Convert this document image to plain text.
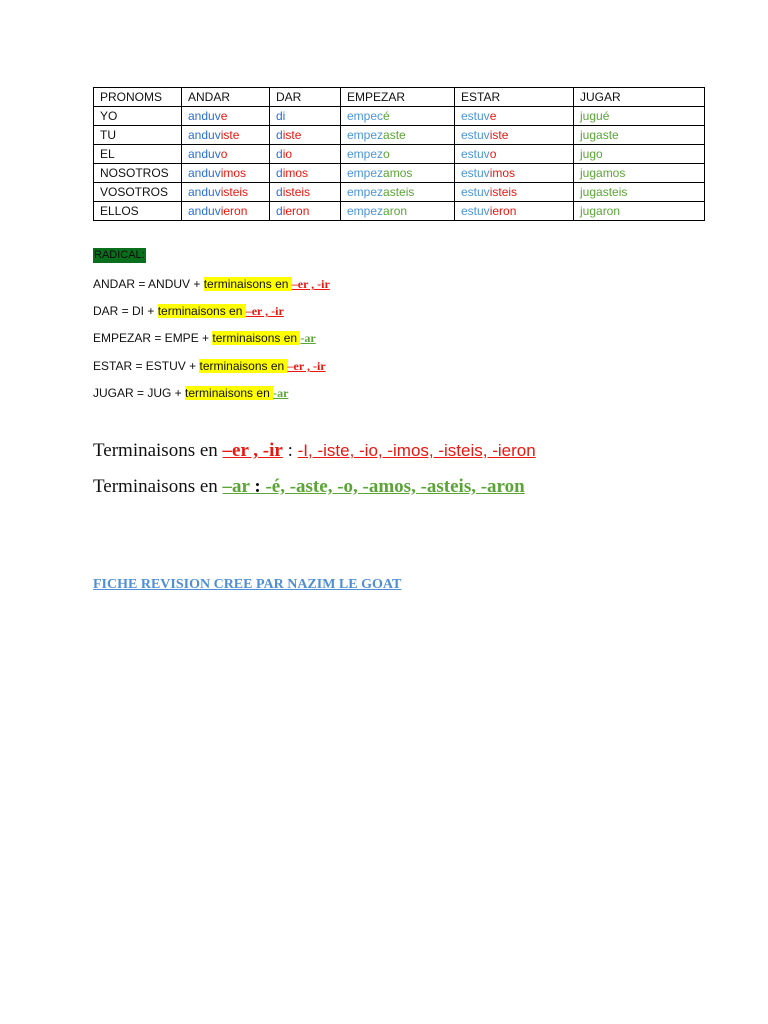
PRONOMS	ANDAR	DAR	EMPEZAR	ESTAR	JUGAR
YO	anduve	di	empecé	estuve	jugué
TU	anduviste	diste	empezaste	estuviste	jugaste
EL	anduvo	dio	empezo	estuvo	jugo
NOSOTROS	anduvimos	dimos	empezamos	estuvimos	jugamos
VOSOTROS	anduvisteis	disteis	empezasteis	estuvisteis	jugasteis
ELLOS	anduvieron	dieron	empezaron	estuvieron	jugaron
RADICAL:
ANDAR = ANDUV + terminaisons en –er , -ir
DAR = DI + terminaisons en –er , -ir
EMPEZAR = EMPE + terminaisons en -ar
ESTAR = ESTUV + terminaisons en –er , -ir
JUGAR = JUG + terminaisons en -ar
Terminaisons en –er , -ir : -I, -iste, -io, -imos, -isteis, -ieron
Terminaisons en –ar : -é, -aste, -o, -amos, -asteis, -aron
FICHE REVISION CREE PAR NAZIM LE GOAT
